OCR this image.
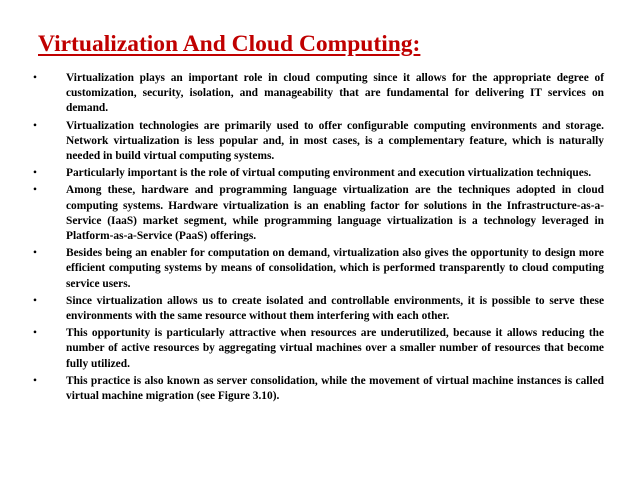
Virtualization And Cloud Computing:
•	Virtualization plays an important role in cloud computing since it allows for the appropriate degree of customization, security, isolation, and manageability that are fundamental for delivering IT services on demand.
•	Virtualization technologies are primarily used to offer configurable computing environments and storage. Network virtualization is less popular and, in most cases, is a complementary feature, which is naturally needed in build virtual computing systems.
•	Particularly important is the role of virtual computing environment and execution virtualization techniques.
•	Among these, hardware and programming language virtualization are the techniques adopted in cloud computing systems. Hardware virtualization is an enabling factor for solutions in the Infrastructure-as-a-Service (IaaS) market segment, while programming language virtualization is a technology leveraged in Platform-as-a-Service (PaaS) offerings.
•	Besides being an enabler for computation on demand, virtualization also gives the opportunity to design more efficient computing systems by means of consolidation, which is performed transparently to cloud computing service users.
•	Since virtualization allows us to create isolated and controllable environments, it is possible to serve these environments with the same resource without them interfering with each other.
•	This opportunity is particularly attractive when resources are underutilized, because it allows reducing the number of active resources by aggregating virtual machines over a smaller number of resources that become fully utilized.
•	This practice is also known as server consolidation, while the movement of virtual machine instances is called virtual machine migration (see Figure 3.10).
